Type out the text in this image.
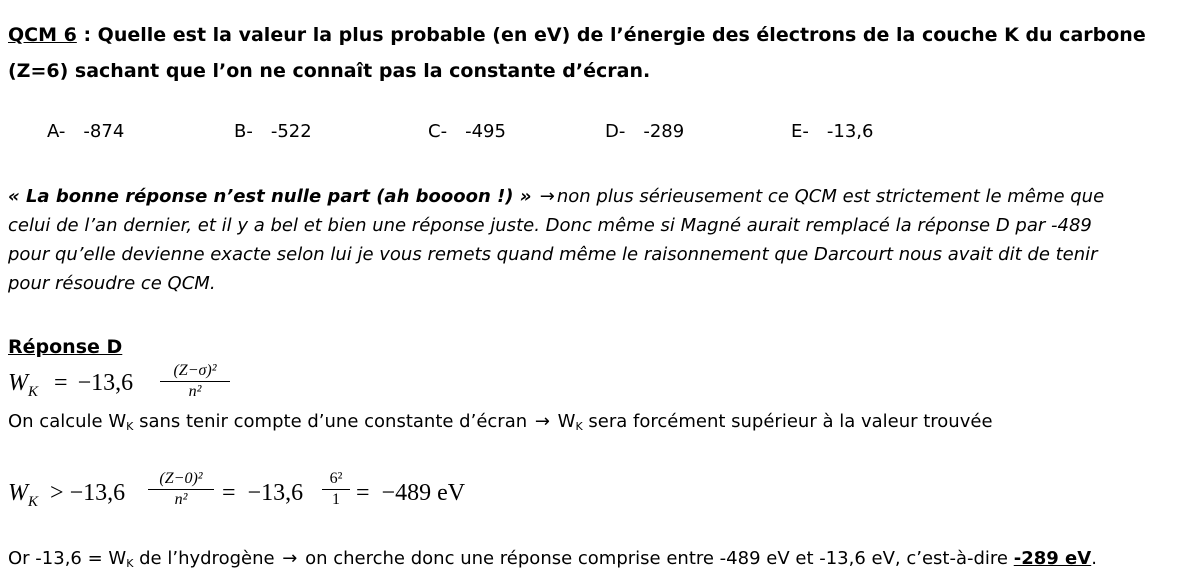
QCM 6 : Quelle est la valeur la plus probable (en eV) de l’énergie des électrons de la couche K du carbone
(Z=6) sachant que l’on ne connaît pas la constante d’écran.
A- -874	B- -522	C- -495	D- -289	E- -13,6
« La bonne réponse n’est nulle part (ah boooon !) » → non plus sérieusement ce QCM est strictement le même que
celui de l’an dernier, et il y a bel et bien une réponse juste. Donc même si Magné aurait remplacé la réponse D par -489
pour qu’elle devienne exacte selon lui je vous remets quand même le raisonnement que Darcourt nous avait dit de tenir
pour résoudre ce QCM.
Réponse D
$W_K = -13,6$	(Z−σ)²
n²
On calcule $W_K$ sans tenir compte d’une constante d’écran → $W_K$ sera forcément supérieur à la valeur trouvée
$W_K > -13,6$
(Z−0)²
n²	= −13,6
6²
1 = −489 eV
Or $-13,6 = W_K$ de l’hydrogène → on cherche donc une réponse comprise entre -489 eV et -13,6 eV, c’est-à-dire -289 eV.
